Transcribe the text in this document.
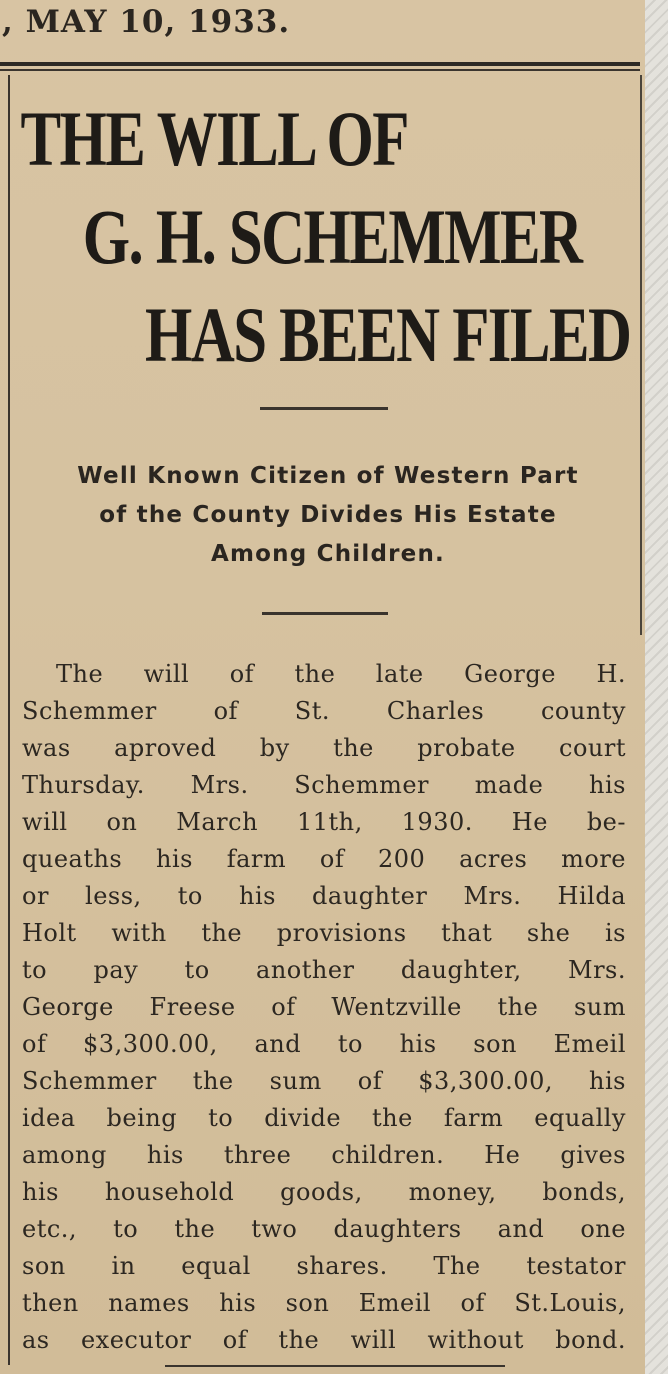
, MAY 10, 1933.
THE WILL OF
G. H. SCHEMMER
HAS BEEN FILED
Well Known Citizen of Western Part
of the County Divides His Estate
Among Children.
The will of the late George H.
Schemmer of St. Charles county
was aproved by the probate court
Thursday. Mrs. Schemmer made his
will on March 11th, 1930. He be-
queaths his farm of 200 acres more
or less, to his daughter Mrs. Hilda
Holt with the provisions that she is
to pay to another daughter, Mrs.
George Freese of Wentzville the sum
of $3,300.00, and to his son Emeil
Schemmer the sum of $3,300.00, his
idea being to divide the farm equally
among his three children. He gives
his household goods, money, bonds,
etc., to the two daughters and one
son in equal shares. The testator
then names his son Emeil of St.Louis,
as executor of the will without bond.
